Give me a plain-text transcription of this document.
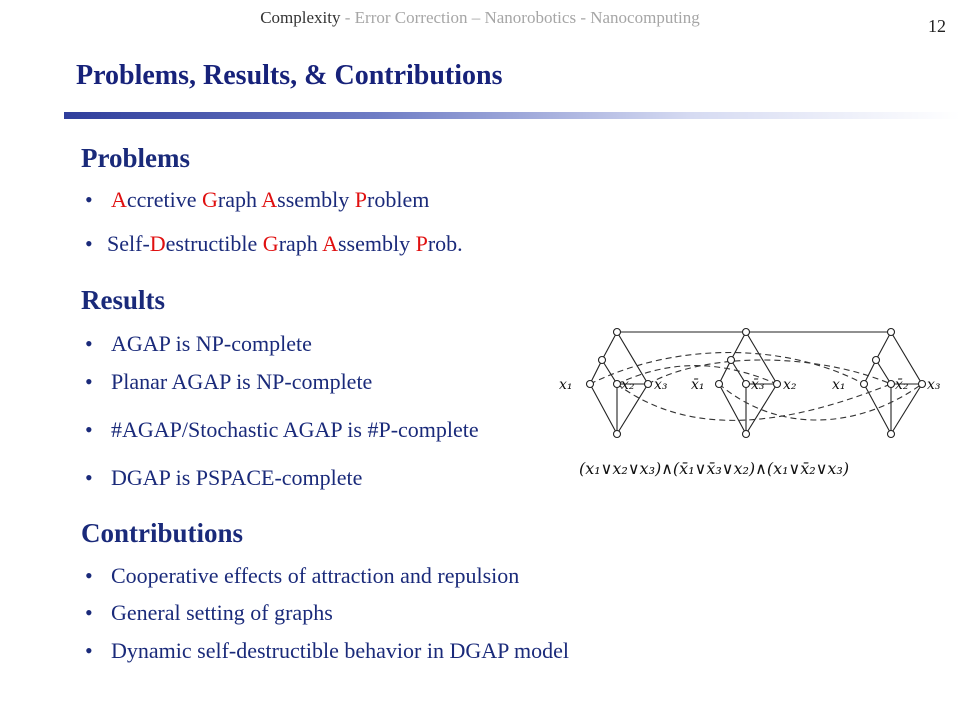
Complexity - Error Correction – Nanorobotics - Nanocomputing	12
Problems, Results, & Contributions
Problems
• Accretive Graph Assembly Problem
• Self-Destructible Graph Assembly Prob.
Results
• AGAP is NP-complete
• Planar AGAP is NP-complete
• #AGAP/Stochastic AGAP is #P-complete
• DGAP is PSPACE-complete
Contributions
• Cooperative effects of attraction and repulsion
• General setting of graphs
• Dynamic self-destructible behavior in DGAP model
x₁	x₂ x₃ x̄₁	x̄₃ x₂	x₁	x̄₂ x₃
(x₁∨x₂∨x₃)∧(x̄₁∨x̄₃∨x₂)∧(x₁∨x̄₂∨x₃)
